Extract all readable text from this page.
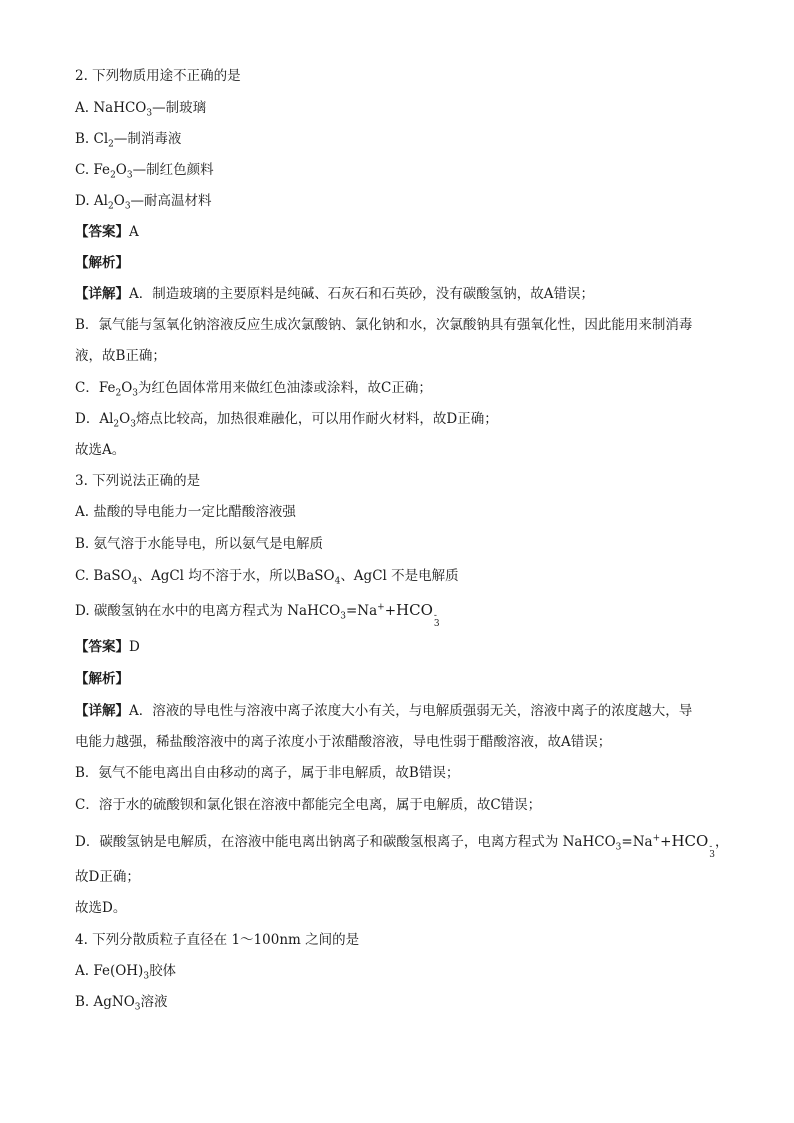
2. 下列物质用途不正确的是
A. NaHCO$_3$—制玻璃
B. $Cl_2—$制消毒液
C. $Fe_2O_3—$制红色颜料
D. $Al_2O_3—$耐高温材料
【答案】A
【解析】
【详解】A．制造玻璃的主要原料是纯碱、石灰石和石英砂，没有碳酸氢钠，故A错误；
B．氯气能与氢氧化钠溶液反应生成次氯酸钠、氯化钠和水，次氯酸钠具有强氧化性，因此能用来制消毒
液，故B正确；
C．$Fe_2O_3$为红色固体常用来做红色油漆或涂料，故C正确；
D．$Al_2O_3$熔点比较高，加热很难融化，可以用作耐火材料，故D正确；
故选A。
3. 下列说法正确的是
A. 盐酸的导电能力一定比醋酸溶液强
B. 氨气溶于水能导电，所以氨气是电解质
C. BaSO$_4$、AgCl 均不溶于水，所以BaSO$_4$、AgCl 不是电解质
D. 碳酸氢钠在水中的电离方程式为 NaHCO$_3$=Na++HCO -
3
【答案】D
【解析】
【详解】A．溶液的导电性与溶液中离子浓度大小有关，与电解质强弱无关，溶液中离子的浓度越大，导
电能力越强，稀盐酸溶液中的离子浓度小于浓醋酸溶液，导电性弱于醋酸溶液，故A错误；
B．氨气不能电离出自由移动的离子，属于非电解质，故B错误；
C．溶于水的硫酸钡和氯化银在溶液中都能完全电离，属于电解质，故C错误；
D．碳酸氢钠是电解质，在溶液中能电离出钠离子和碳酸氢根离子，电离方程式为 NaHCO$_3$=Na++HCO -
3
，
故D正确；
故选D。
4. 下列分散质粒子直径在 1～100nm 之间的是
A. $Fe(OH)_3$胶体
B. AgNO$_3$溶液
